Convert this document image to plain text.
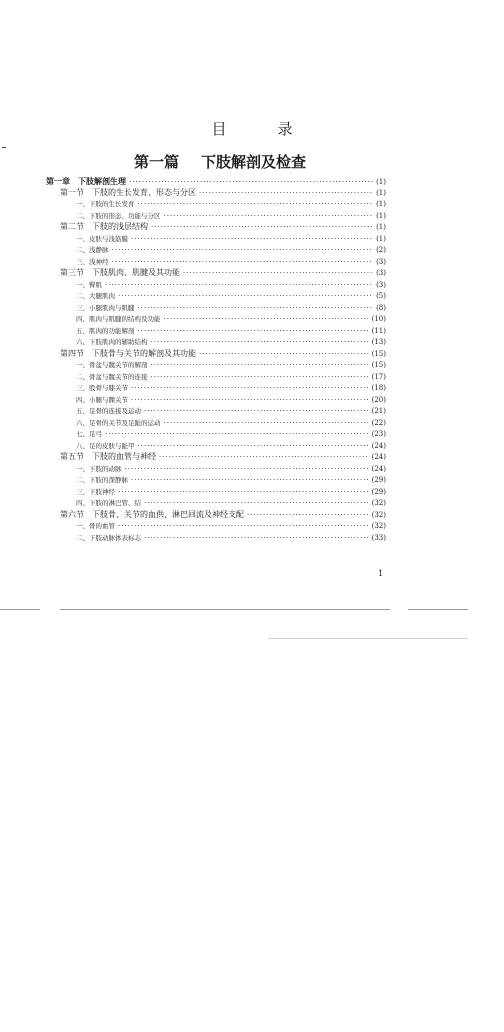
目　录
第一篇 下肢解剖及检查
第一章　下肢解剖生理 ·····	(1)
第一节　下肢的生长发育、形态与分区 ·····	(1)
一、下肢的生长发育 ·····	(1)
二、下肢的形态、功能与分区 ·····	(1)
第二节　下肢的浅层结构 ·····	(1)
一、皮肤与浅筋膜 ·····	(1)
二、浅静脉 ·····	(2)
三、浅神经 ·····	(3)
第三节　下肢肌肉、肌腱及其功能 ·····	(3)
一、臀肌 ·····	(3)
二、大腿肌肉 ·····	(5)
三、小腿肌肉与肌腱 ·····	(8)
四、肌肉与肌腱的结构及功能 ·····	(10)
五、肌肉的功能解剖 ·····	(11)
六、下肢肌肉的辅助结构 ·····	(13)
第四节　下肢骨与关节的解剖及其功能 ·····	(15)
一、骨盆与髋关节的解剖 ·····	(15)
二、骨盆与髋关节的连接 ·····	(17)
三、股骨与膝关节 ·····	(18)
四、小腿与踝关节 ·····	(20)
五、足骨的连接及运动 ·····	(21)
六、足骨的关节及足趾的运动 ·····	(22)
七、足弓 ·····	(23)
八、足的皮肤与趾甲 ·····	(24)
第五节　下肢的血管与神经 ·····	(24)
一、下肢的动脉 ·····	(24)
二、下肢的深静脉 ·····	(29)
三、下肢神经 ·····	(29)
四、下肢的淋巴管、结 ·····	(32)
第六节　下肢骨、关节的血供、淋巴回流及神经支配 ·····	(32)
一、骨的血管 ·····	(32)
二、下肢动脉体表标志 ·····	(33)
1
